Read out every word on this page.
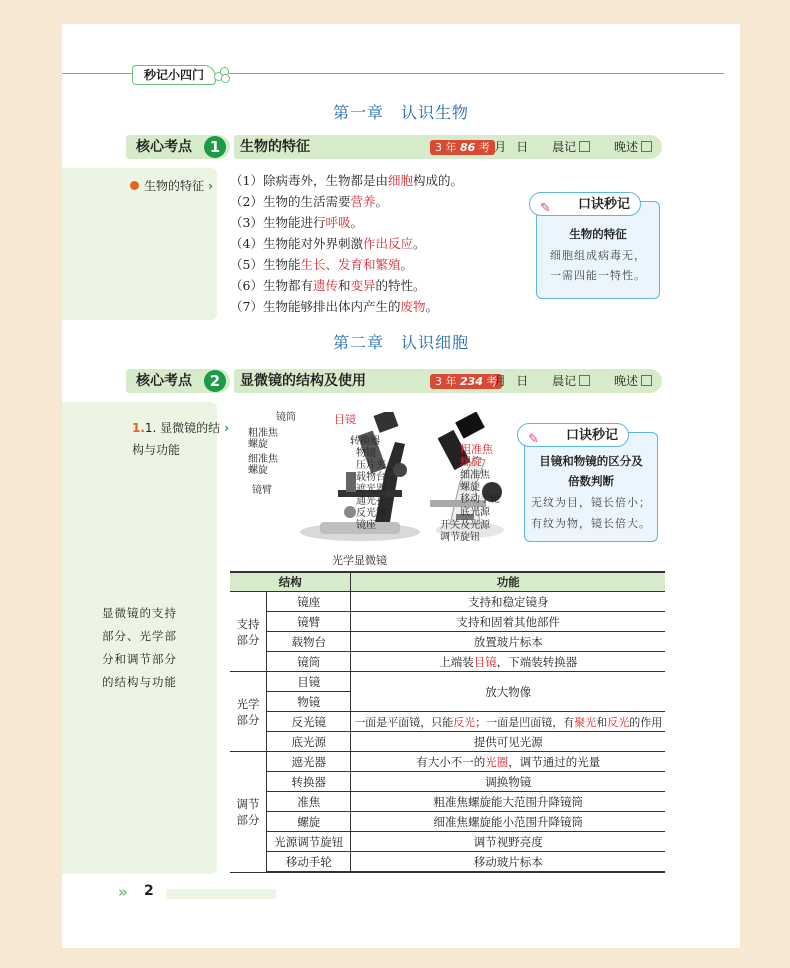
秒记小四门
第一章　认识生物
核心考点	1	生物的特征	3 年 86 考 月 日 晨记	晚述
生物的特征 › （1）除病毒外，生物都是由细胞构成的。
（2）生物的生活需要营养。
（3）生物能进行呼吸。
（4）生物能对外界刺激作出反应。
（5）生物能生长、发育和繁殖。
（6）生物都有遗传和变异的特性。
（7）生物能够排出体内产生的废物。
✎ 口诀秒记
生物的特征
细胞组成病毒无，
一需四能一特性。
第二章　认识细胞
核心考点	2	显微镜的结构及使用	3 年 234 考
月 日 晨记	晚述
1.1. 显微镜的结 ›
构与功能
镜筒	目镜
粗准焦
螺旋
细准焦
螺旋
镜臂
转换器
物镜
压片夹
载物台
遮光器
通光孔
反光镜
镜座
粗准焦
螺旋
细准焦
螺旋
移动手轮
底光源
开关及光源
调节旋钮
光学显微镜
✎ 口诀秒记
目镜和物镜的区分及
倍数判断
无纹为目，镜长倍小；
有纹为物，镜长倍大。
显微镜的支持
部分、光学部
分和调节部分
的结构与功能
结构		功能
支持
部分	镜座	支持和稳定镜身
	镜臂	支持和固着其他部件
	载物台	放置玻片标本
	镜筒	上端装目镜，下端装转换器
光学
部分	目镜	放大物像
	物镜	
	反光镜	一面是平面镜，只能反光；一面是凹面镜，有聚光和反光的作用
	底光源	提供可见光源
调节
部分	遮光器	有大小不一的光圈，调节通过的光量
	转换器	调换物镜
	准焦	粗准焦螺旋能大范围升降镜筒
	螺旋	细准焦螺旋能小范围升降镜筒
	光源调节旋钮	调节视野亮度
	移动手轮	移动玻片标本
» 2
